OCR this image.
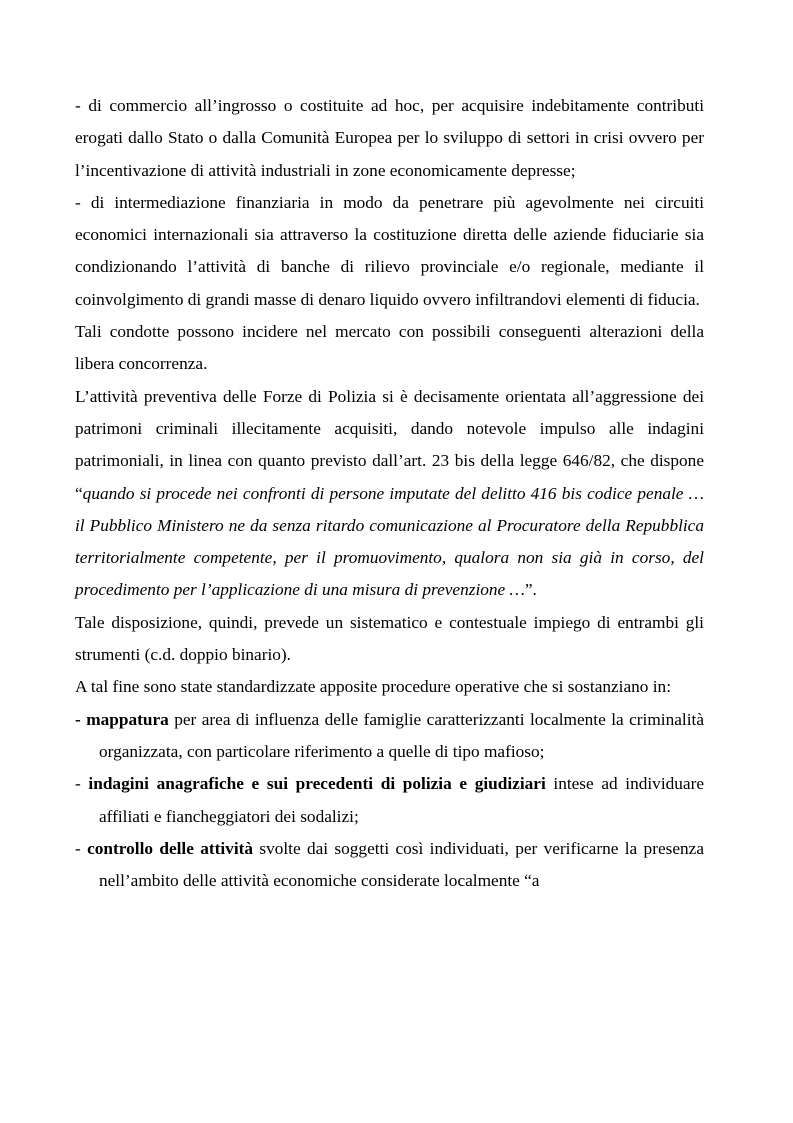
- di commercio all’ingrosso o costituite ad hoc, per acquisire indebitamente contributi erogati dallo Stato o dalla Comunità Europea per lo sviluppo di settori in crisi ovvero per l’incentivazione di attività industriali in zone economicamente depresse;

- di intermediazione finanziaria in modo da penetrare più agevolmente nei circuiti economici internazionali sia attraverso la costituzione diretta delle aziende fiduciarie sia condizionando l’attività di banche di rilievo provinciale e/o regionale, mediante il coinvolgimento di grandi masse di denaro liquido ovvero infiltrandovi elementi di fiducia.

Tali condotte possono incidere nel mercato con possibili conseguenti alterazioni della libera concorrenza.

L’attività preventiva delle Forze di Polizia si è decisamente orientata all’aggressione dei patrimoni criminali illecitamente acquisiti, dando notevole impulso alle indagini patrimoniali, in linea con quanto previsto dall’art. 23 bis della legge 646/82, che dispone “quando si procede nei confronti di persone imputate del delitto 416 bis codice penale … il Pubblico Ministero ne da senza ritardo comunicazione al Procuratore della Repubblica territorialmente competente, per il promuovimento, qualora non sia già in corso, del procedimento per l’applicazione di una misura di prevenzione …”.

Tale disposizione, quindi, prevede un sistematico e contestuale impiego di entrambi gli strumenti (c.d. doppio binario).

A tal fine sono state standardizzate apposite procedure operative che si sostanziano in:

- mappatura per area di influenza delle famiglie caratterizzanti localmente la criminalità organizzata, con particolare riferimento a quelle di tipo mafioso;

- indagini anagrafiche e sui precedenti di polizia e giudiziari intese ad individuare affiliati e fiancheggiatori dei sodalizi;

- controllo delle attività svolte dai soggetti così individuati, per verificarne la presenza nell’ambito delle attività economiche considerate localmente “a
